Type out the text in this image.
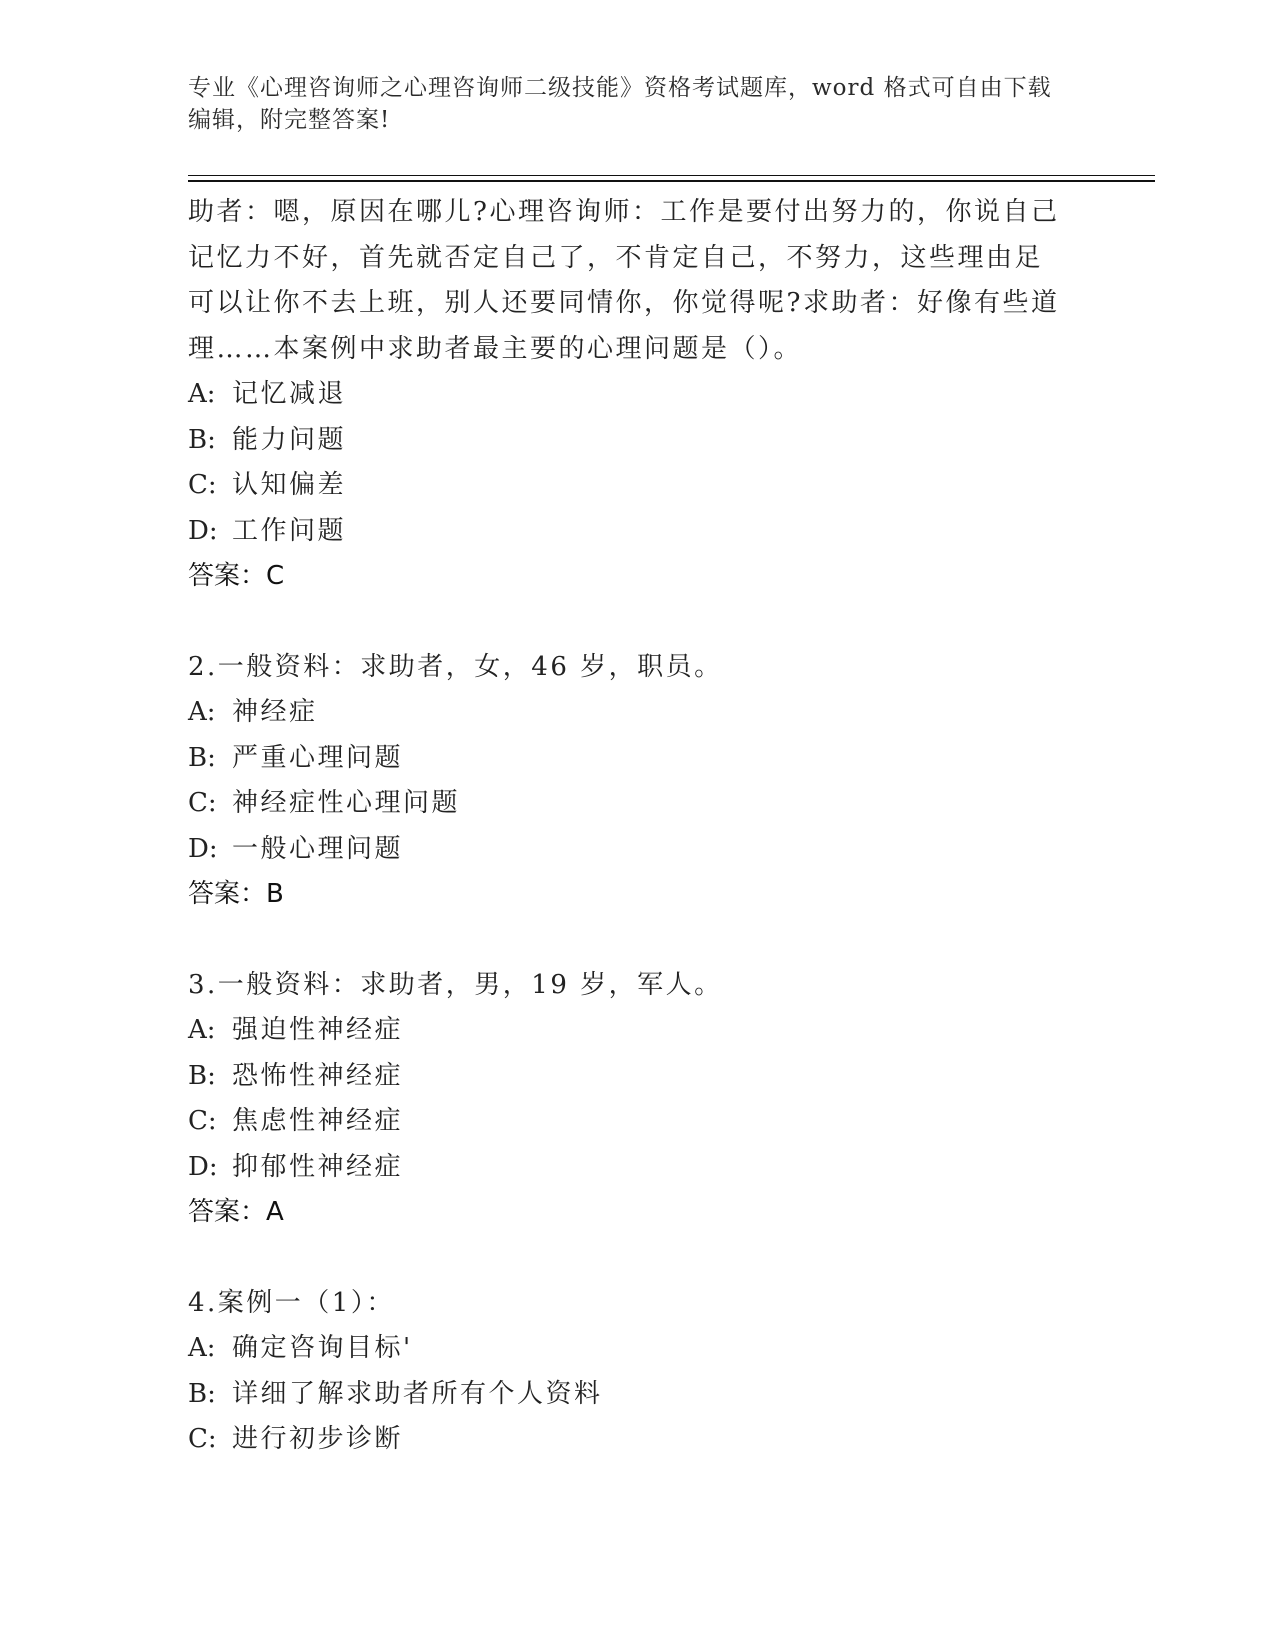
专业《心理咨询师之心理咨询师二级技能》资格考试题库，word 格式可自由下载
编辑，附完整答案!

助者：嗯，原因在哪儿?心理咨询师：工作是要付出努力的，你说自己

记忆力不好，首先就否定自己了，不肯定自己，不努力，这些理由足

可以让你不去上班，别人还要同情你，你觉得呢?求助者：好像有些道

理……本案例中求助者最主要的心理问题是（）。

A: 记忆减退

B: 能力问题

C: 认知偏差

D: 工作问题

答案：C

2.一般资料：求助者，女，46 岁，职员。

A: 神经症

B: 严重心理问题

C: 神经症性心理问题

D: 一般心理问题

答案：B

3.一般资料：求助者，男，19 岁，军人。

A: 强迫性神经症

B: 恐怖性神经症

C: 焦虑性神经症

D: 抑郁性神经症

答案：A

4.案例一（1）：

A: 确定咨询目标'

B: 详细了解求助者所有个人资料

C: 进行初步诊断
